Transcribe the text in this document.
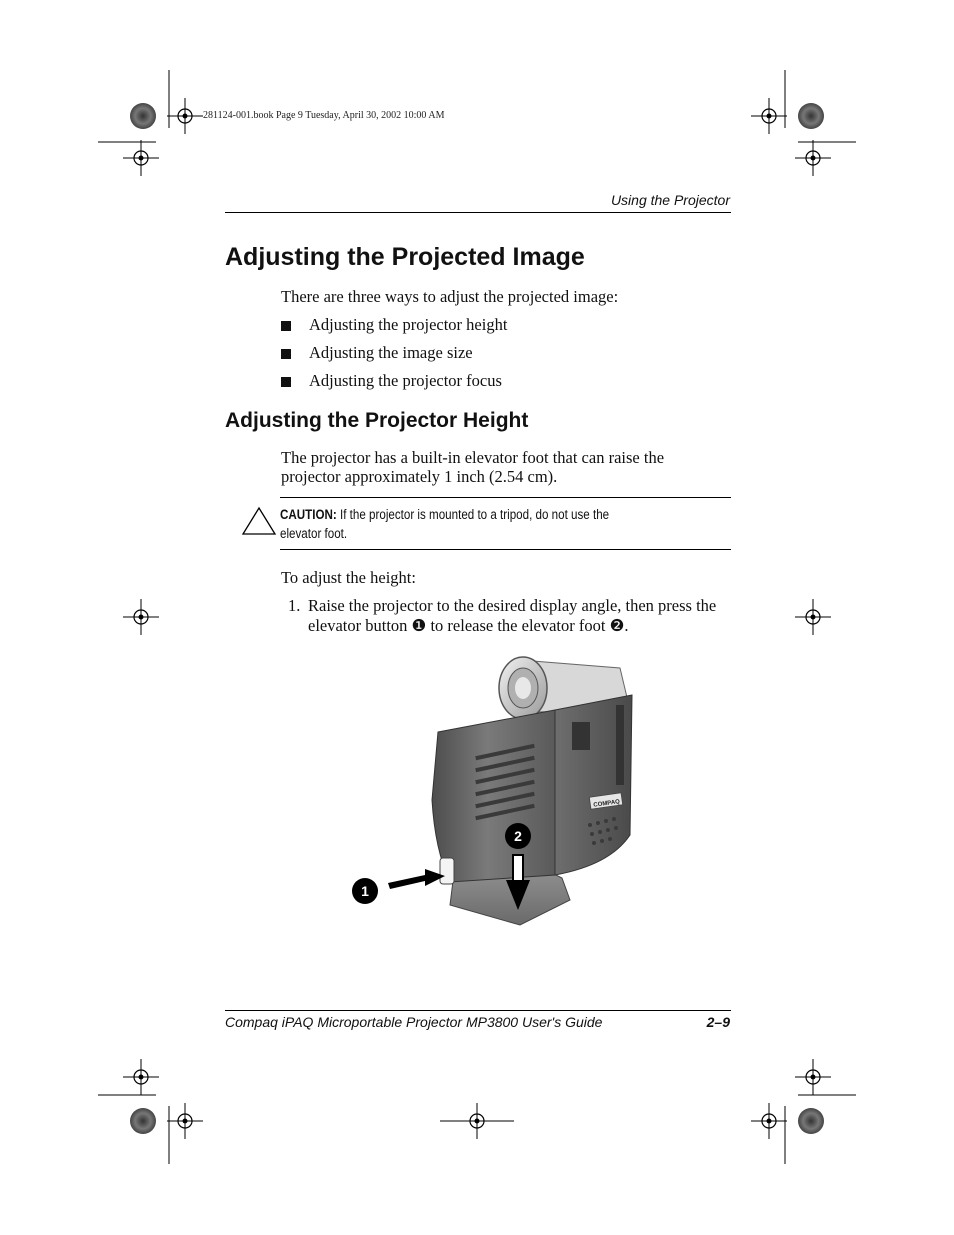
281124-001.book Page 9 Tuesday, April 30, 2002 10:00 AM
Using the Projector
Adjusting the Projected Image
There are three ways to adjust the projected image:
Adjusting the projector height
Adjusting the image size
Adjusting the projector focus
Adjusting the Projector Height
The projector has a built-in elevator foot that can raise the
projector approximately 1 inch (2.54 cm).
CAUTION: If the projector is mounted to a tripod, do not use the
elevator foot.
To adjust the height:
1. Raise the projector to the desired display angle, then press the
elevator button ❶ to release the elevator foot ❷.
COMPAQ
2
1
Compaq iPAQ Microportable Projector MP3800 User's Guide	2–9
